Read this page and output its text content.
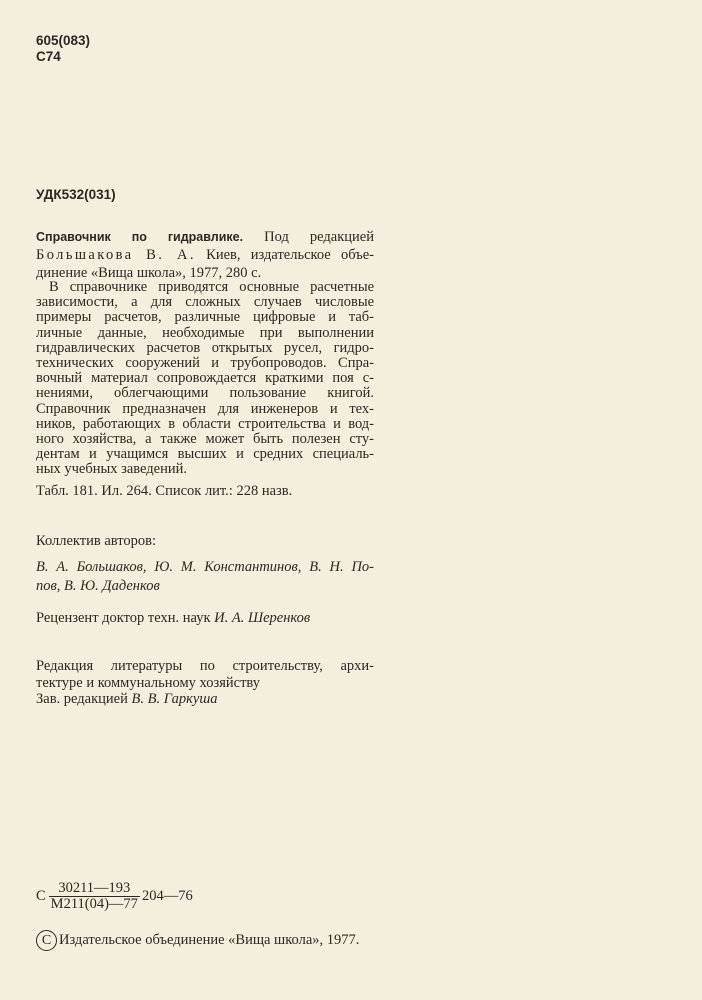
605(083)
С74
УДК532(031)
Справочник по гидравлике. Под редакцией
Большакова В. А. Киев, издательское объе-
динение «Вища школа», 1977, 280 с.
В справочнике приводятся основные расчетные
зависимости, а для сложных случаев числовые
примеры расчетов, различные цифровые и таб-
личные данные, необходимые при выполнении
гидравлических расчетов открытых русел, гидро-
технических сооружений и трубопроводов. Спра-
вочный материал сопровождается краткими поя с-
нениями, облегчающими пользование книгой.
Справочник предназначен для инженеров и тех-
ников, работающих в области строительства и вод-
ного хозяйства, а также может быть полезен сту-
дентам и учащимся высших и средних специаль-
ных учебных заведений.
Табл. 181. Ил. 264. Список лит.: 228 назв.
Коллектив авторов:
В. А. Большаков, Ю. М. Константинов, В. Н. По-
пов, В. Ю. Даденков
Рецензент доктор техн. наук И. А. Шеренков
Редакция литературы по строительству, архи-
тектуре и коммунальному хозяйству
Зав. редакцией В. В. Гаркуша
С $\frac{30211—193}{М211(04)—77}$ 204—76
С Издательское объединение «Вища школа», 1977.
